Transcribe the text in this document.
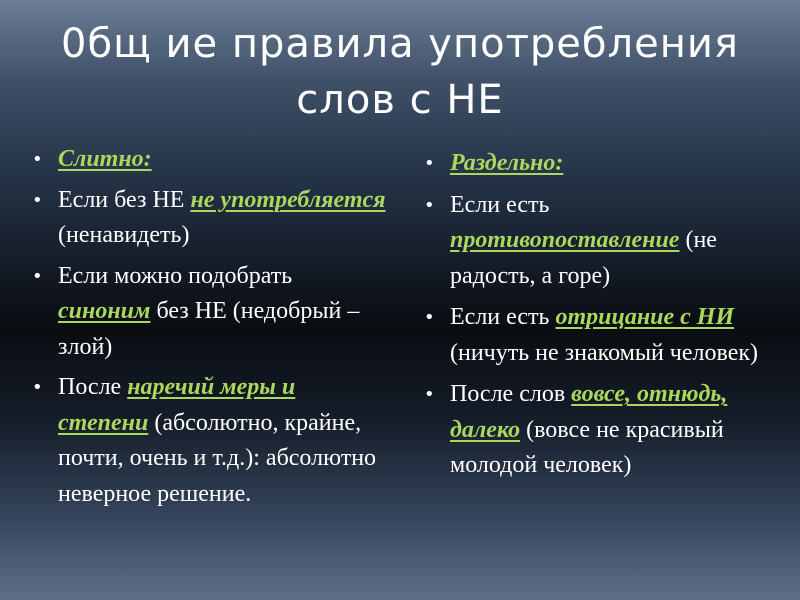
0бщ ие правила употребления
слов с НЕ
• Слитно:
• Если без НЕ не употребляется (ненавидеть)
• Если можно подобрать синоним без НЕ (недобрый – злой)
• После наречий меры и степени (абсолютно, крайне, почти, очень и т.д.): абсолютно неверное решение.
• Раздельно:
• Если есть противопоставление (не радость, а горе)
• Если есть отрицание с НИ (ничуть не знакомый человек)
• После слов вовсе, отнюдь, далеко (вовсе не красивый молодой человек)
